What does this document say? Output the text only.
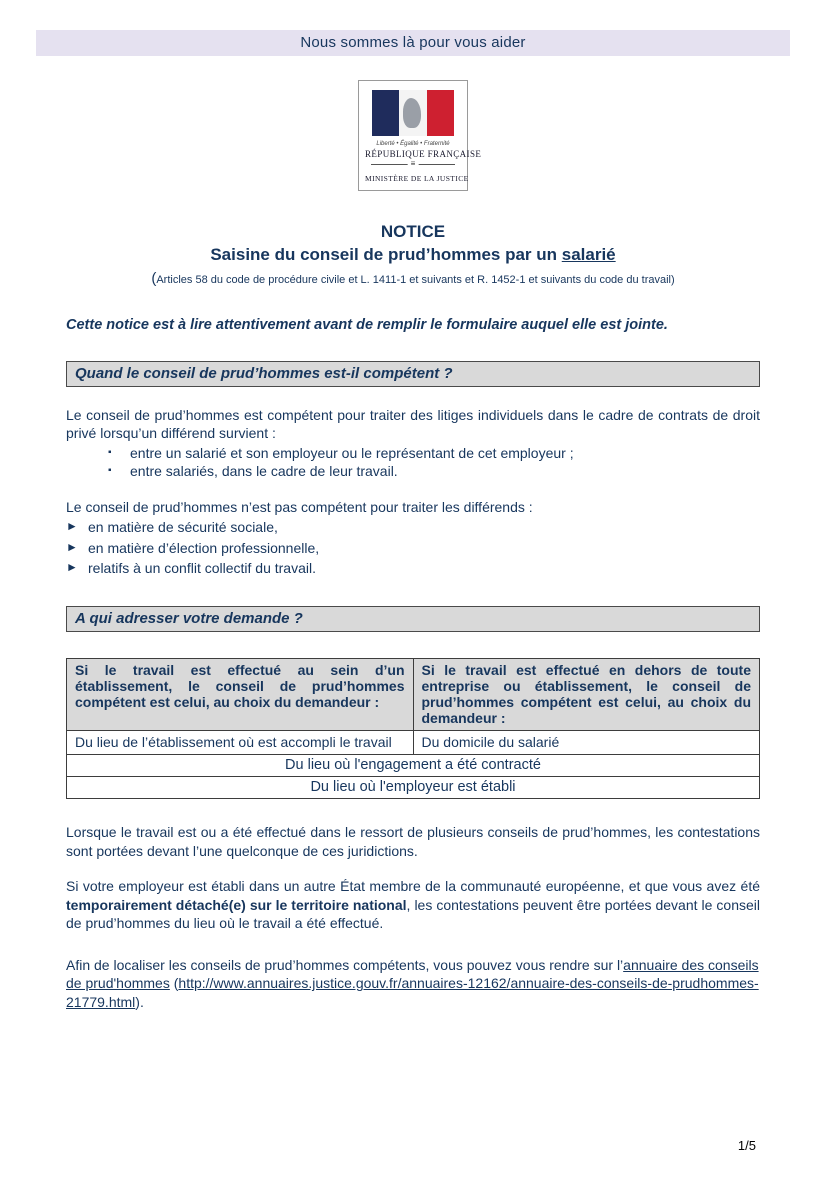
Nous sommes là pour vous aider
Liberté • Égalité • Fraternité
RÉPUBLIQUE FRANÇAISE
≡
MINISTÈRE DE LA JUSTICE
NOTICE
Saisine du conseil de prud’hommes par un salarié
(Articles 58 du code de procédure civile et L. 1411-1 et suivants et R. 1452-1 et suivants du code du travail)
Cette notice est à lire attentivement avant de remplir le formulaire auquel elle est jointe.
Quand le conseil de prud’hommes est-il compétent ?

Le conseil de prud’hommes est compétent pour traiter des litiges individuels dans le cadre de contrats de droit privé lorsqu’un différend survient :

▪	entre un salarié et son employeur ou le représentant de cet employeur ;
▪	entre salariés, dans le cadre de leur travail.

Le conseil de prud’hommes n’est pas compétent pour traiter les différends :

► en matière de sécurité sociale,
► en matière d’élection professionnelle,
► relatifs à un conflit collectif du travail.
A qui adresser votre demande ?
Si le travail est effectué au sein d’un établissement, le conseil de prud’hommes compétent est celui, au choix du demandeur :	Si le travail est effectué en dehors de toute entreprise ou établissement, le conseil de prud’hommes compétent est celui, au choix du demandeur :
Du lieu de l’établissement où est accompli le travail	Du domicile du salarié
Du lieu où l'engagement a été contracté	
Du lieu où l'employeur est établi	

Lorsque le travail est ou a été effectué dans le ressort de plusieurs conseils de prud’hommes, les contestations sont portées devant l’une quelconque de ces juridictions.

Si votre employeur est établi dans un autre État membre de la communauté européenne, et que vous avez été temporairement détaché(e) sur le territoire national, les contestations peuvent être portées devant le conseil de prud’hommes du lieu où le travail a été effectué.

Afin de localiser les conseils de prud’hommes compétents, vous pouvez vous rendre sur l’annuaire des conseils de prud'hommes (http://www.annuaires.justice.gouv.fr/annuaires-12162/annuaire-des-conseils-de-prudhommes-21779.html).

1/5
